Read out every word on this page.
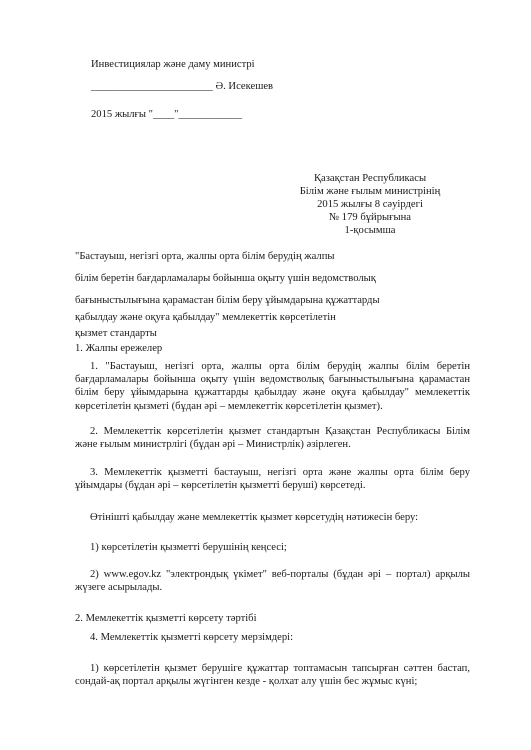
Инвестициялар және даму министрі
_______________________ Ә. Исекешев
2015 жылғы "____"____________
Қазақстан Республикасы
Білім және ғылым министрінің
2015 жылғы 8 сәуірдегі
№ 179 бұйрығына
1-қосымша
"Бастауыш, негізгі орта, жалпы орта білім берудің жалпы
білім беретін бағдарламалары бойынша оқыту үшін ведомстволық
бағыныстылығына қарамастан білім беру ұйымдарына құжаттарды
қабылдау және оқуға қабылдау" мемлекеттік көрсетілетін
қызмет стандарты
1. Жалпы ережелер
1. "Бастауыш, негізгі орта, жалпы орта білім берудің жалпы білім беретін бағдарламалары бойынша оқыту үшін ведомстволық бағыныстылығына қарамастан білім беру ұйымдарына құжаттарды қабылдау және оқуға қабылдау" мемлекеттік көрсетілетін қызметі (бұдан әрі – мемлекеттік көрсетілетін қызмет).
2. Мемлекеттік көрсетілетін қызмет стандартын Қазақстан Республикасы Білім және ғылым министрлігі (бұдан әрі – Министрлік) әзірлеген.
3. Мемлекеттік қызметті бастауыш, негізгі орта және жалпы орта білім беру ұйымдары (бұдан әрі – көрсетілетін қызметті беруші) көрсетеді.
Өтінішті қабылдау және мемлекеттік қызмет көрсетудің нәтижесін беру:
1) көрсетілетін қызметті берушінің кеңсесі;
2) www.egov.kz "электрондық үкімет" веб-порталы (бұдан әрі – портал) арқылы жүзеге асырылады.
2. Мемлекеттік қызметті көрсету тәртібі
4. Мемлекеттік қызметті көрсету мерзімдері:
1) көрсетілетін қызмет берушіге құжаттар топтамасын тапсырған сәттен бастап, сондай-ақ портал арқылы жүгінген кезде - қолхат алу үшін бес жұмыс күні;
